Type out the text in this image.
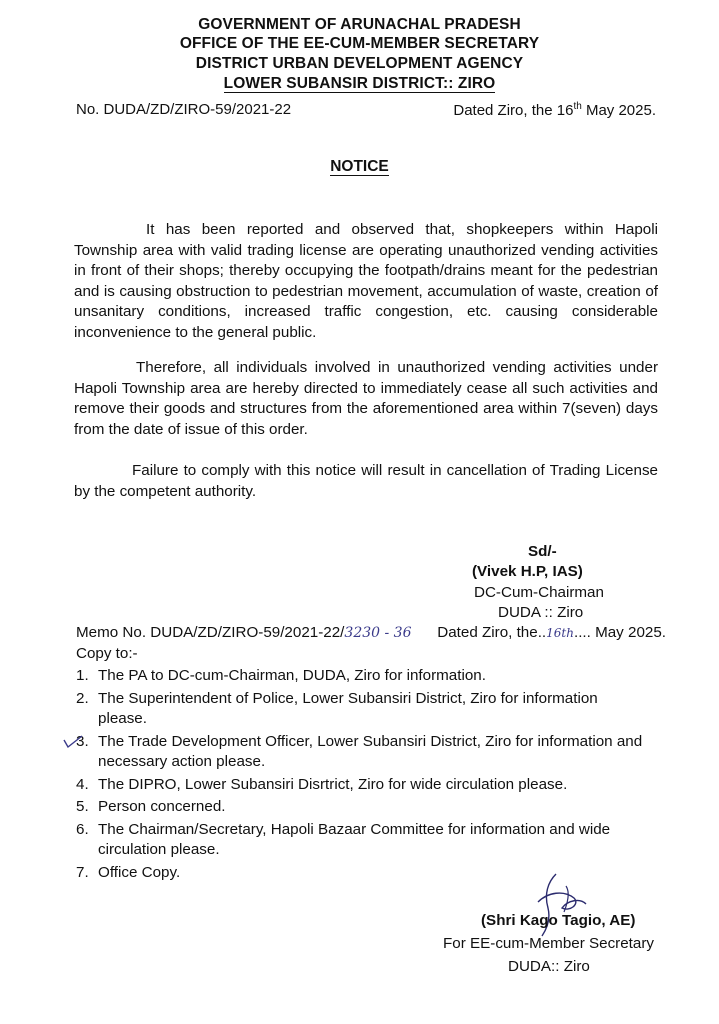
GOVERNMENT OF ARUNACHAL PRADESH
OFFICE OF THE EE-CUM-MEMBER SECRETARY
DISTRICT URBAN DEVELOPMENT AGENCY
LOWER SUBANSIR DISTRICT:: ZIRO
No. DUDA/ZD/ZIRO-59/2021-22	Dated Ziro, the 16th May 2025.
NOTICE
It has been reported and observed that, shopkeepers within Hapoli Township area with valid trading license are operating unauthorized vending activities in front of their shops; thereby occupying the footpath/drains meant for the pedestrian and is causing obstruction to pedestrian movement, accumulation of waste, creation of unsanitary conditions, increased traffic congestion, etc. causing considerable inconvenience to the general public.
Therefore, all individuals involved in unauthorized vending activities under Hapoli Township area are hereby directed to immediately cease all such activities and remove their goods and structures from the aforementioned area within 7(seven) days from the date of issue of this order.
Failure to comply with this notice will result in cancellation of Trading License by the competent authority.
Sd/-
(Vivek H.P, IAS)
DC-Cum-Chairman
DUDA :: Ziro
Memo No. DUDA/ZD/ZIRO-59/2021-22/3230 - 36 Dated Ziro, the..16th.... May 2025.
Copy to:-
1. The PA to DC-cum-Chairman, DUDA, Ziro for information.
2. The Superintendent of Police, Lower Subansiri District, Ziro for information please.
3. The Trade Development Officer, Lower Subansiri District, Ziro for information and necessary action please.
4. The DIPRO, Lower Subansiri Disrtrict, Ziro for wide circulation please.
5. Person concerned.
6. The Chairman/Secretary, Hapoli Bazaar Committee for information and wide circulation please.
7. Office Copy.
(Shri Kago Tagio, AE)
For EE-cum-Member Secretary
DUDA:: Ziro
